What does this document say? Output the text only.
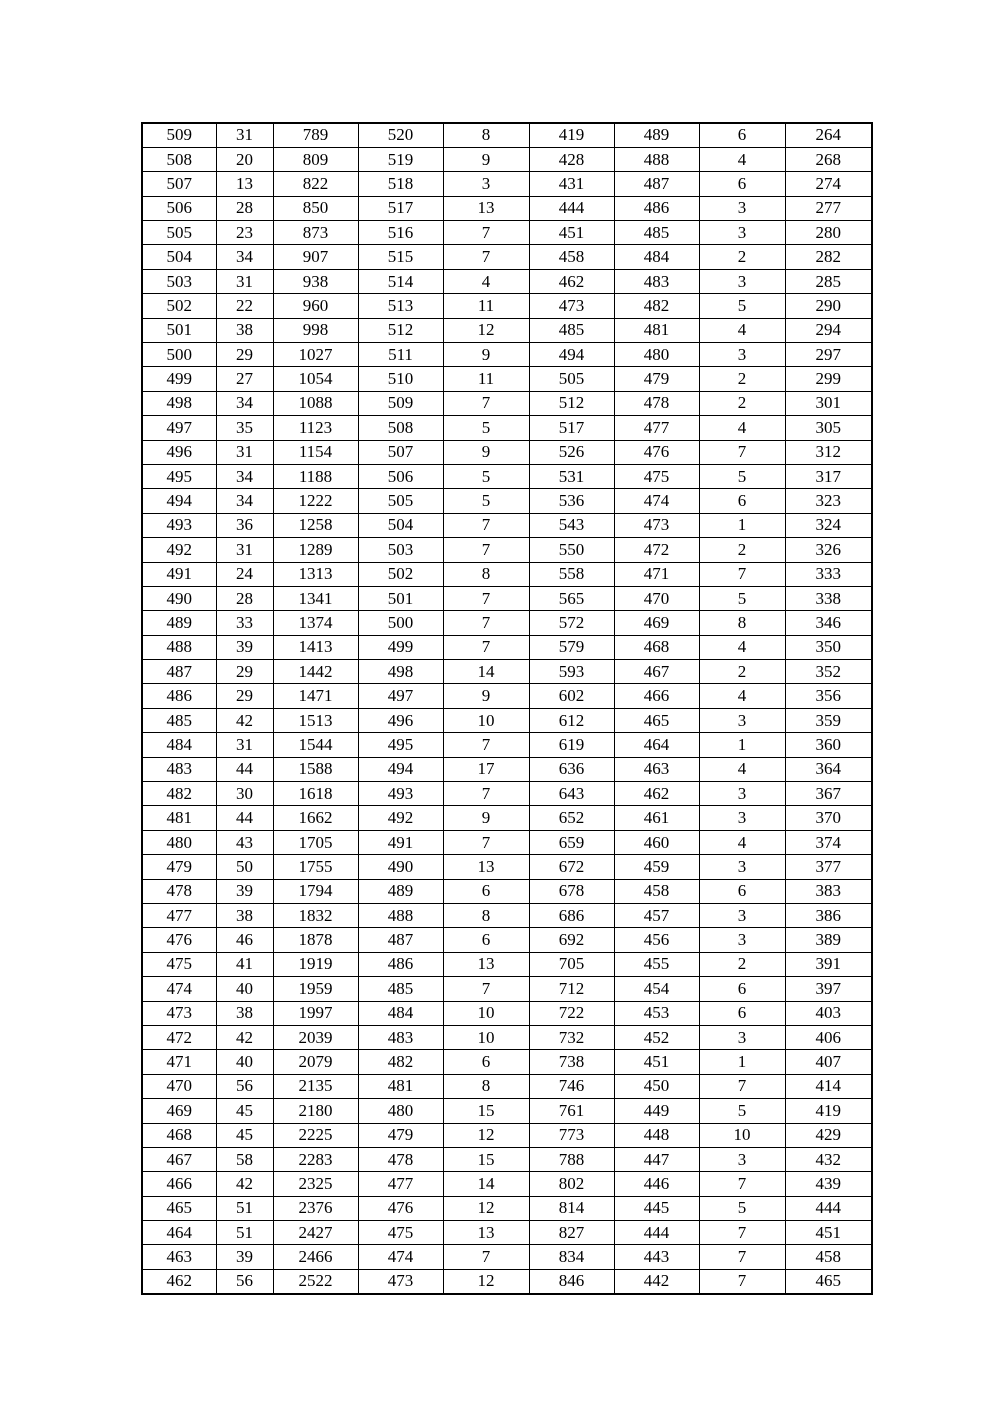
509	31	789	520	8	419	489	6	264
508	20	809	519	9	428	488	4	268
507	13	822	518	3	431	487	6	274
506	28	850	517	13	444	486	3	277
505	23	873	516	7	451	485	3	280
504	34	907	515	7	458	484	2	282
503	31	938	514	4	462	483	3	285
502	22	960	513	11	473	482	5	290
501	38	998	512	12	485	481	4	294
500	29	1027	511	9	494	480	3	297
499	27	1054	510	11	505	479	2	299
498	34	1088	509	7	512	478	2	301
497	35	1123	508	5	517	477	4	305
496	31	1154	507	9	526	476	7	312
495	34	1188	506	5	531	475	5	317
494	34	1222	505	5	536	474	6	323
493	36	1258	504	7	543	473	1	324
492	31	1289	503	7	550	472	2	326
491	24	1313	502	8	558	471	7	333
490	28	1341	501	7	565	470	5	338
489	33	1374	500	7	572	469	8	346
488	39	1413	499	7	579	468	4	350
487	29	1442	498	14	593	467	2	352
486	29	1471	497	9	602	466	4	356
485	42	1513	496	10	612	465	3	359
484	31	1544	495	7	619	464	1	360
483	44	1588	494	17	636	463	4	364
482	30	1618	493	7	643	462	3	367
481	44	1662	492	9	652	461	3	370
480	43	1705	491	7	659	460	4	374
479	50	1755	490	13	672	459	3	377
478	39	1794	489	6	678	458	6	383
477	38	1832	488	8	686	457	3	386
476	46	1878	487	6	692	456	3	389
475	41	1919	486	13	705	455	2	391
474	40	1959	485	7	712	454	6	397
473	38	1997	484	10	722	453	6	403
472	42	2039	483	10	732	452	3	406
471	40	2079	482	6	738	451	1	407
470	56	2135	481	8	746	450	7	414
469	45	2180	480	15	761	449	5	419
468	45	2225	479	12	773	448	10	429
467	58	2283	478	15	788	447	3	432
466	42	2325	477	14	802	446	7	439
465	51	2376	476	12	814	445	5	444
464	51	2427	475	13	827	444	7	451
463	39	2466	474	7	834	443	7	458
462	56	2522	473	12	846	442	7	465
